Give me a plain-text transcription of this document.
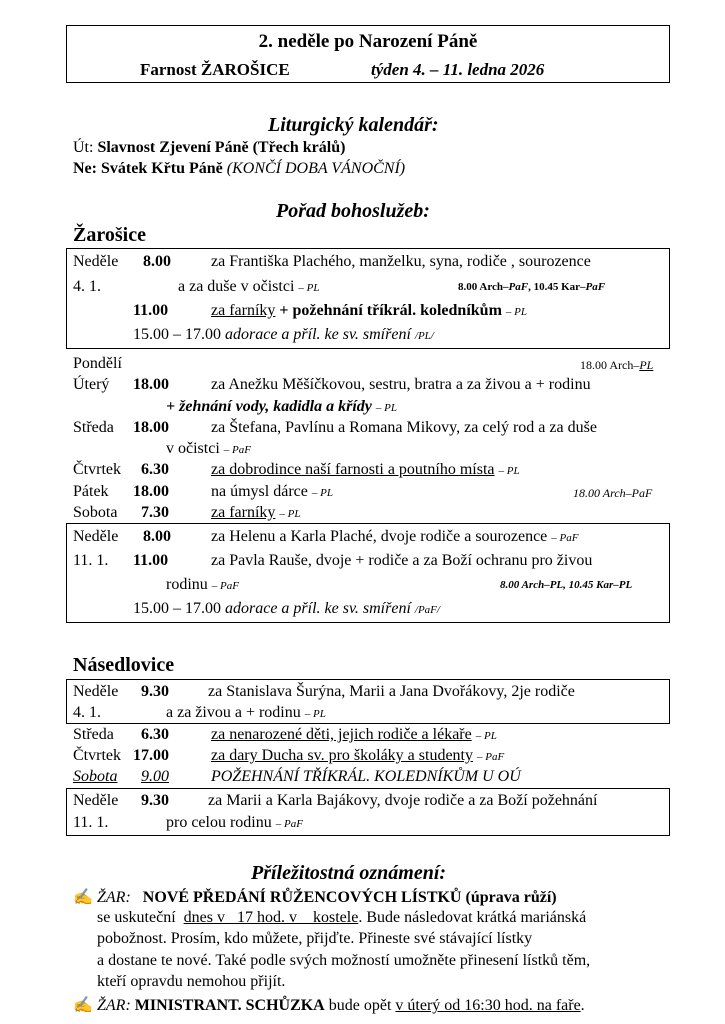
2. neděle po Narození Páně
Farnost ŽAROŠICE	týden 4. – 11. ledna 2026
Liturgický kalendář:
Út: Slavnost Zjevení Páně (Třech králů)
Ne: Svátek Křtu Páně (KONČÍ DOBA VÁNOČNÍ)
Pořad bohoslužeb:
Žarošice
Neděle 8.00	za Františka Plachého, manželku, syna, rodiče , sourozence
4. 1.	a za duše v očistci – PL	8.00 Arch–PaF, 10.45 Kar–PaF
11.00	za farníky + požehnání tříkrál. koledníkům – PL
15.00 – 17.00 adorace a příl. ke sv. smíření /PL/
Pondělí	18.00 Arch–PL
Úterý 18.00	za Anežku Měšíčkovou, sestru, bratra a za živou a + rodinu
+ žehnání vody, kadidla a křídy – PL
Středa 18.00	za Štefana, Pavlínu a Romana Mikovy, za celý rod a za duše
v očistci – PaF
Čtvrtek 6.30	za dobrodince naší farnosti a poutního místa – PL
Pátek 18.00	na úmysl dárce – PL	18.00 Arch–PaF
Sobota 7.30	za farníky – PL
Neděle 8.00	za Helenu a Karla Plaché, dvoje rodiče a sourozence – PaF
11. 1. 11.00	za Pavla Rauše, dvoje + rodiče a za Boží ochranu pro živou
rodinu – PaF	8.00 Arch–PL, 10.45 Kar–PL
15.00 – 17.00 adorace a příl. ke sv. smíření /PaF/
Násedlovice
Neděle 9.30 za Stanislava Šurýna, Marii a Jana Dvořákovy, 2je rodiče
4. 1.	a za živou a + rodinu – PL
Středa 6.30	za nenarozené děti, jejich rodiče a lékaře – PL
Čtvrtek 17.00	za dary Ducha sv. pro školáky a studenty – PaF
Sobota 9.00	POŽEHNÁNÍ TŘÍKRÁL. KOLEDNÍKŮM U OÚ
Neděle 9.30 za Marii a Karla Bajákovy, dvoje rodiče a za Boží požehnání
11. 1.	pro celou rodinu – PaF
Příležitostná oznámení:
✍ ŽAR: NOVÉ PŘEDÁNÍ RŮŽENCOVÝCH LÍSTKŮ (úprava růží)
se uskuteční dnes v   17 hod. v    kostele. Bude následovat krátká mariánská
pobožnost. Prosím, kdo můžete, přijďte. Přineste své stávající lístky
a dostane te nové. Také podle svých možností umožněte přinesení lístků těm,
kteří opravdu nemohou přijít.
✍ ŽAR: MINISTRANT. SCHŮZKA bude opět v úterý od 16:30 hod. na faře.
